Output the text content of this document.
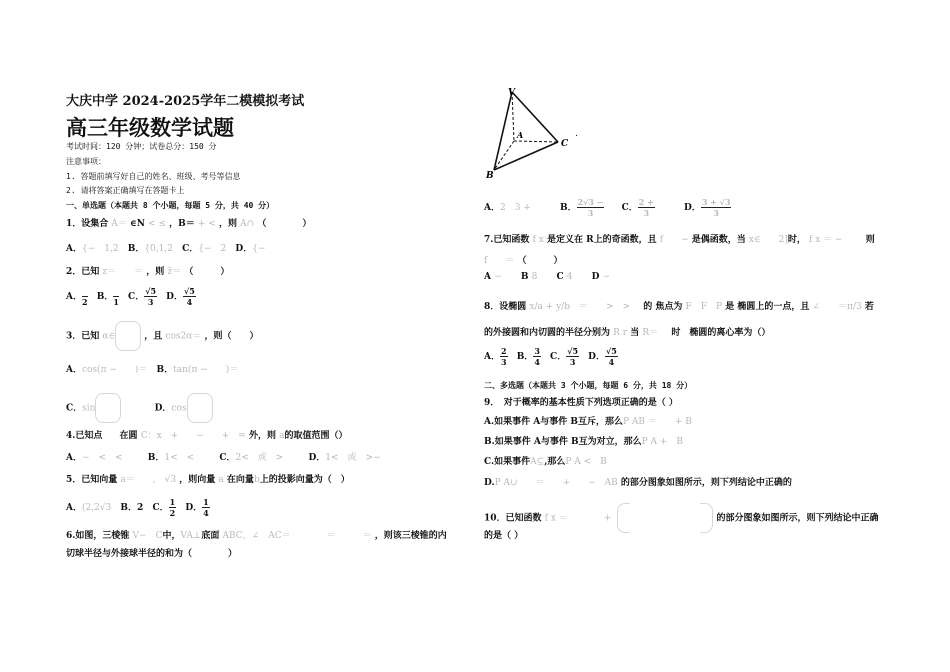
大庆中学 2024-2025学年二模模拟考试
高三年级数学试题
考试时间：120 分钟；试卷总分：150 分
注意事项：
1. 答题前填写好自己的姓名、班级、考号等信息
2. 请将答案正确填写在答题卡上
一、单选题（本题共 8 个小题，每题 5 分，共 40 分）
1．设集合 A＝ ∈N < ≤ ，B＝ + < ，则 A∩ （　　　　）
A．{−　1,2 B．{0,1,2 C．{−　2 D．{−
2．已知 z＝　　＝ ，则 z̄＝ （　　　）
A．
2 B．
1 C． $\frac{√5}{3}$ D． $\frac{√5}{4}$
3．已知 α∈	，且 cos2α＝ ，则（　　）
A．cos(π −　　)＝ B．tan(π −　　)＝
C．sin	D．cos
4.已知点 在圆 C：x　+　　−　　+　= 外，则 a的取值范围（）
A．−　<　<	B．1<　<	C．2<　或　>	D．1<　或　>−
5．已知向量 a＝　　,　√3 ，则向量 a 在向量b上的投影向量为（　）
A．(2,2√3 B．2 C． $\frac{1}{2}$ D． $\frac{1}{4}$
6.如图，三棱锥 V−　C中，VA⊥底面 ABC，∠　AC＝　　　　＝　　　＝ ，则该三棱锥的内
切球半径与外接球半径的和为（　　　　）
V
A
B
C
.
A．2　3 +	B． $\frac{2√3 -}{3}$ C． $\frac{2 +}{3}$	D． $\frac{3 + √3}{3}$
7.已知函数 f x 是定义在 R上的奇函数，且 f　　− 是偶函数，当 x∈　　2]时， f x ＝ −	则
f　　＝ （　　　）
A − B 8 C 4 D −
8．设椭圆 x/a + y/b　＝　　>　> 的 焦点为 F　F　P 是 椭圆上的一点，且 ∠　　＝π/3 若
的外接圆和内切圆的半径分别为 R r 当 R＝ 时　椭圆的离心率为（）
A． $\frac{2}{3}$ B． $\frac{3}{4}$ C． $\frac{√5}{3}$ D． $\frac{√5}{4}$
二、多选题（本题共 3 个小题，每题 6 分，共 18 分）
9．　对于概率的基本性质下列选项正确的是（ ）
A.如果事件 A与事件 B互斥，那么P AB ＝　　+ B
B.如果事件 A与事件 B互为对立，那么P A +　B
C.如果事件A⊆,那么P A <　B
D.P A∪　　＝　　+　　−　AB 的部分图象如图所示，则下列结论中正确的
10．已知函数 f x ＝　　　　+	的部分图象如图所示，则下列结论中正确
的是（ ）
